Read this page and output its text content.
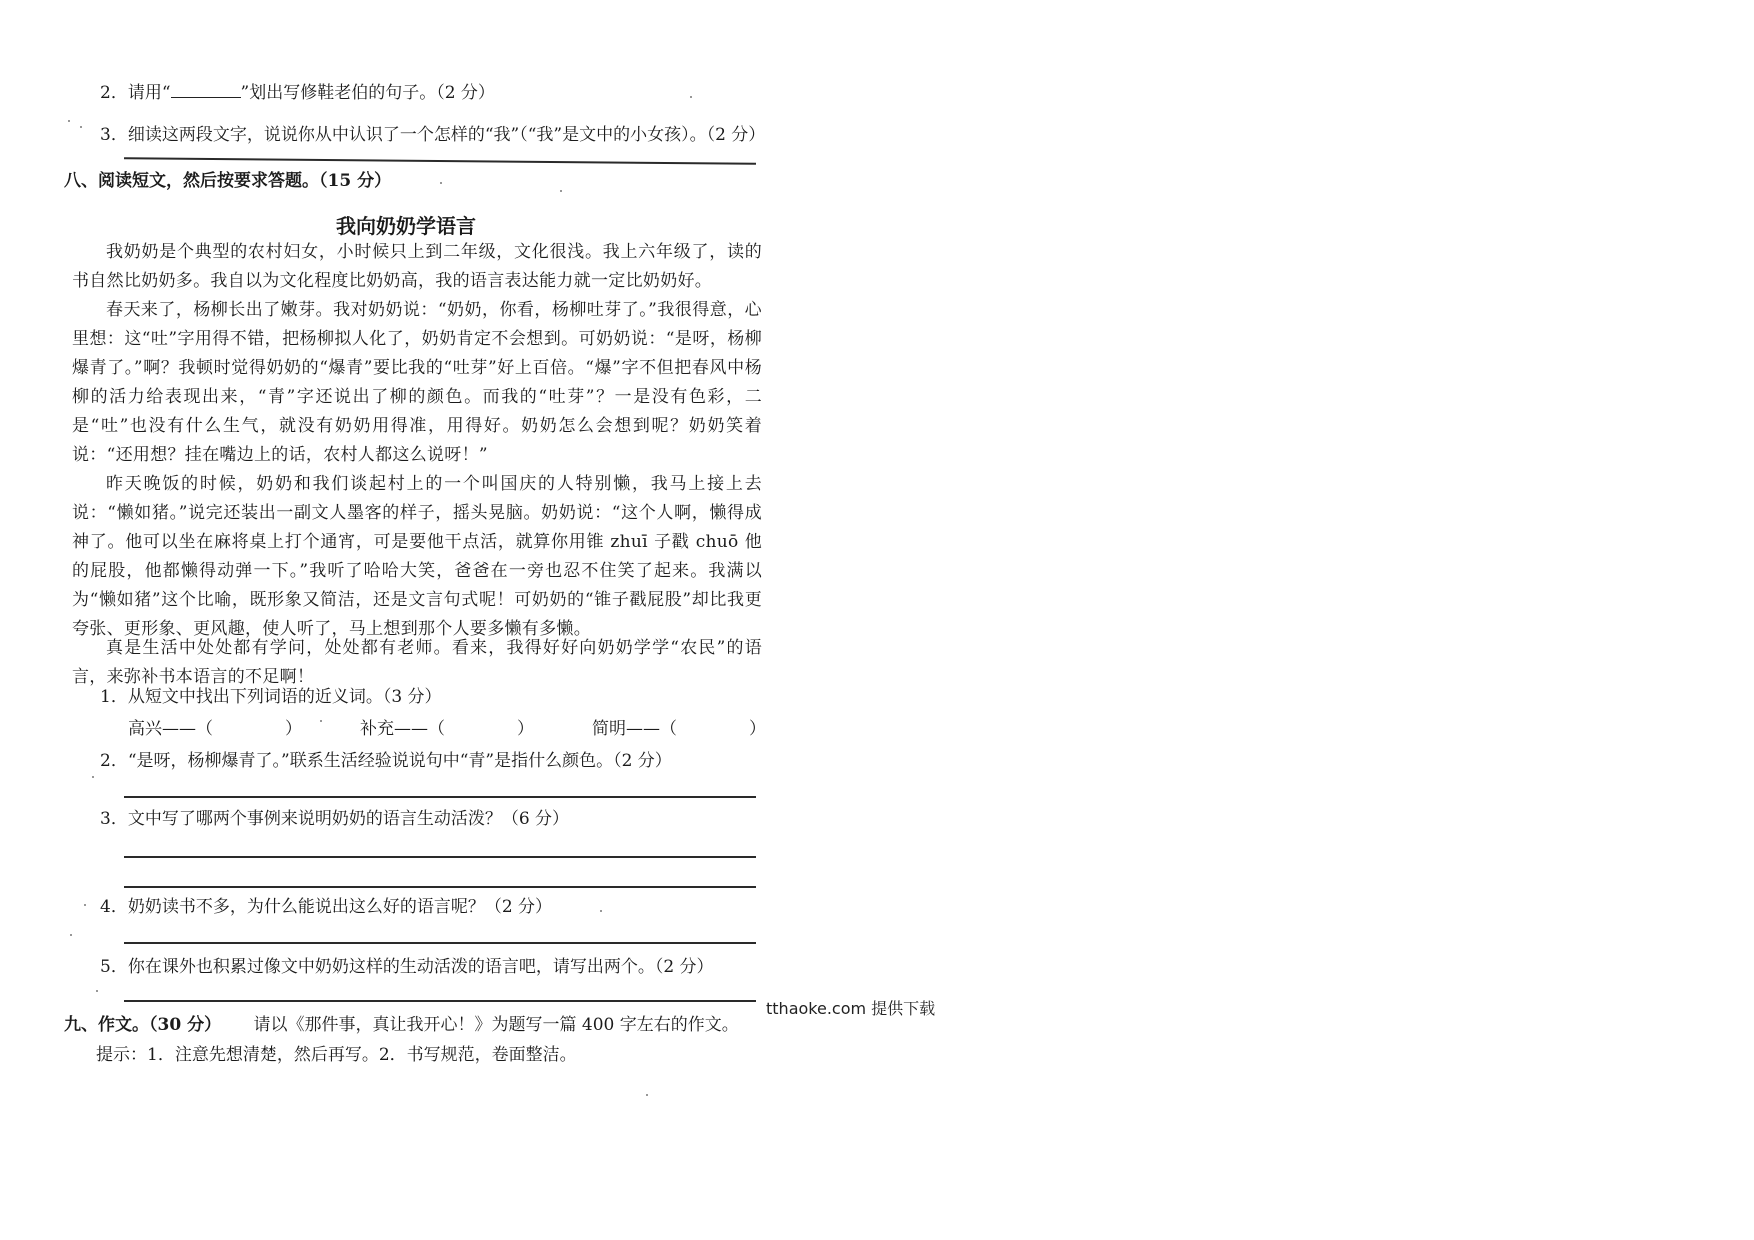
2．请用“	”划出写修鞋老伯的句子。（2 分）
3．细读这两段文字，说说你从中认识了一个怎样的“我”（“我”是文中的小女孩）。（2 分）
八、阅读短文，然后按要求答题。（15 分）
我向奶奶学语言
我奶奶是个典型的农村妇女，小时候只上到二年级，文化很浅。我上六年级了，读的书自然比奶奶多。我自以为文化程度比奶奶高，我的语言表达能力就一定比奶奶好。
春天来了，杨柳长出了嫩芽。我对奶奶说：“奶奶，你看，杨柳吐芽了。”我很得意，心里想：这“吐”字用得不错，把杨柳拟人化了，奶奶肯定不会想到。可奶奶说：“是呀，杨柳爆青了。”啊？我顿时觉得奶奶的“爆青”要比我的“吐芽”好上百倍。“爆”字不但把春风中杨柳的活力给表现出来，“青”字还说出了柳的颜色。而我的“吐芽”？一是没有色彩，二是“吐”也没有什么生气，就没有奶奶用得准，用得好。奶奶怎么会想到呢？奶奶笑着说：“还用想？挂在嘴边上的话，农村人都这么说呀！”
昨天晚饭的时候，奶奶和我们谈起村上的一个叫国庆的人特别懒，我马上接上去说：“懒如猪。”说完还装出一副文人墨客的样子，摇头晃脑。奶奶说：“这个人啊，懒得成神了。他可以坐在麻将桌上打个通宵，可是要他干点活，就算你用锥 zhuī 子戳 chuō 他的屁股，他都懒得动弹一下。”我听了哈哈大笑，爸爸在一旁也忍不住笑了起来。我满以为“懒如猪”这个比喻，既形象又简洁，还是文言句式呢！可奶奶的“锥子戳屁股”却比我更夸张、更形象、更风趣，使人听了，马上想到那个人要多懒有多懒。
真是生活中处处都有学问，处处都有老师。看来，我得好好向奶奶学学“农民”的语言，来弥补书本语言的不足啊！
1．从短文中找出下列词语的近义词。（3 分）
高兴——（	）	补充——（	）	简明——（	）
2．“是呀，杨柳爆青了。”联系生活经验说说句中“青”是指什么颜色。（2 分）
3．文中写了哪两个事例来说明奶奶的语言生动活泼？（6 分）
4．奶奶读书不多，为什么能说出这么好的语言呢？（2 分）
5．你在课外也积累过像文中奶奶这样的生动活泼的语言吧，请写出两个。（2 分）
tthaoke.com 提供下载
九、作文。（30 分） 请以《那件事，真让我开心！》为题写一篇 400 字左右的作文。
提示：1．注意先想清楚，然后再写。2．书写规范，卷面整洁。
